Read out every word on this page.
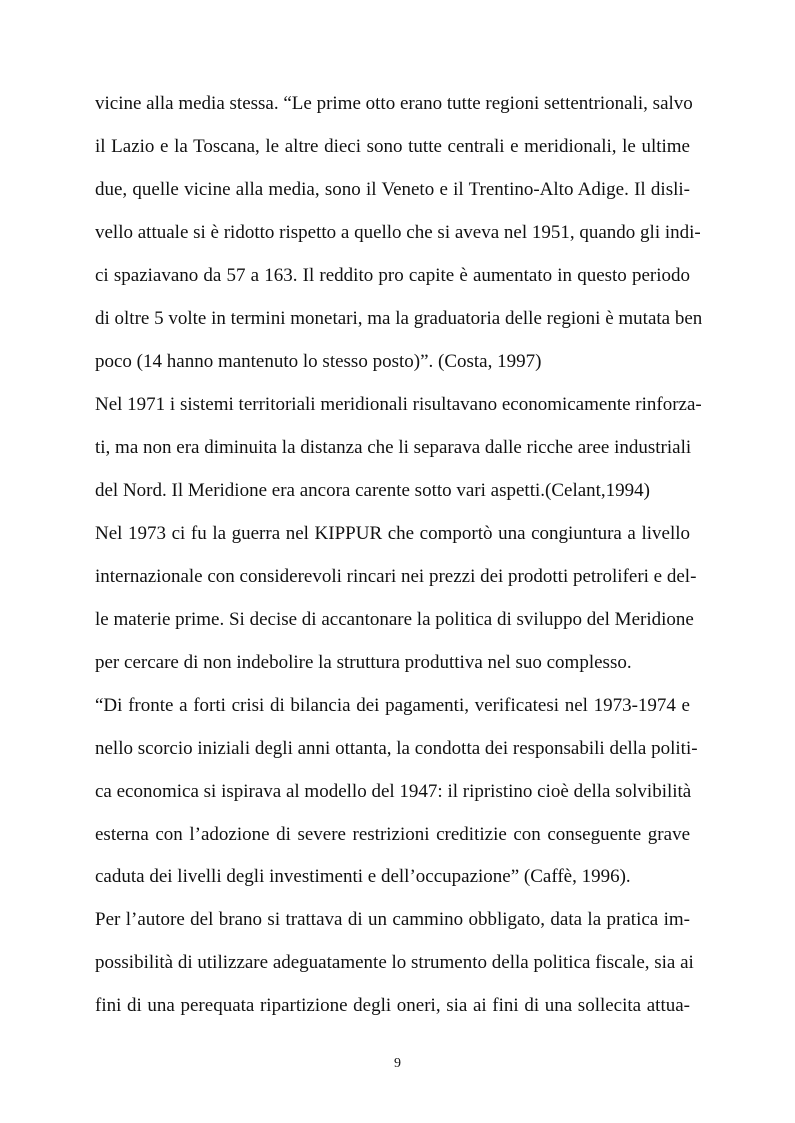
vicine alla media stessa. “Le prime otto erano tutte regioni settentrionali, salvo
il Lazio e la Toscana, le altre dieci sono tutte centrali e meridionali, le ultime
due, quelle vicine alla media, sono il Veneto e il Trentino-Alto Adige. Il disli-
vello attuale si è ridotto rispetto a quello che si aveva nel 1951, quando gli indi-
ci spaziavano da 57 a 163. Il reddito pro capite è aumentato in questo periodo
di oltre 5 volte in termini monetari, ma la graduatoria delle regioni è mutata ben
poco (14 hanno mantenuto lo stesso posto)”. (Costa, 1997)
Nel 1971 i sistemi territoriali meridionali risultavano economicamente rinforza-
ti, ma non era diminuita la distanza che li separava dalle ricche aree industriali
del Nord. Il Meridione era ancora carente sotto vari aspetti.(Celant,1994)
Nel 1973 ci fu la guerra nel KIPPUR che comportò una congiuntura a livello
internazionale con considerevoli rincari nei prezzi dei prodotti petroliferi e del-
le materie prime. Si decise di accantonare la politica di sviluppo del Meridione
per cercare di non indebolire la struttura produttiva nel suo complesso.
“Di fronte a forti crisi di bilancia dei pagamenti, verificatesi nel 1973-1974 e
nello scorcio iniziali degli anni ottanta, la condotta dei responsabili della politi-
ca economica si ispirava al modello del 1947: il ripristino cioè della solvibilità
esterna con l’adozione di severe restrizioni creditizie con conseguente grave
caduta dei livelli degli investimenti e dell’occupazione” (Caffè, 1996).
Per l’autore del brano si trattava di un cammino obbligato, data la pratica im-
possibilità di utilizzare adeguatamente lo strumento della politica fiscale, sia ai
fini di una perequata ripartizione degli oneri, sia ai fini di una sollecita attua-
9
